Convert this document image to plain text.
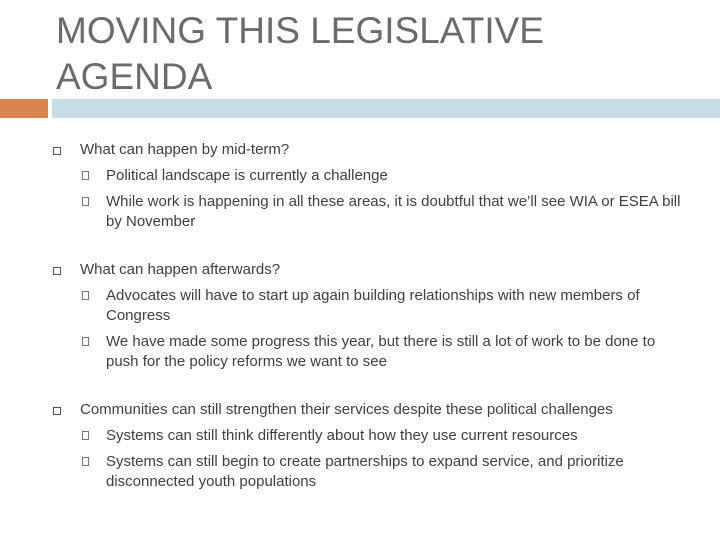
MOVING THIS LEGISLATIVE
AGENDA
What can happen by mid-term?
Political landscape is currently a challenge
While work is happening in all these areas, it is doubtful that we’ll see WIA or ESEA bill by November
What can happen afterwards?
Advocates will have to start up again building relationships with new members of Congress
We have made some progress this year, but there is still a lot of work to be done to push for the policy reforms we want to see
Communities can still strengthen their services despite these political challenges
Systems can still think differently about how they use current resources
Systems can still begin to create partnerships to expand service, and prioritize disconnected youth populations
